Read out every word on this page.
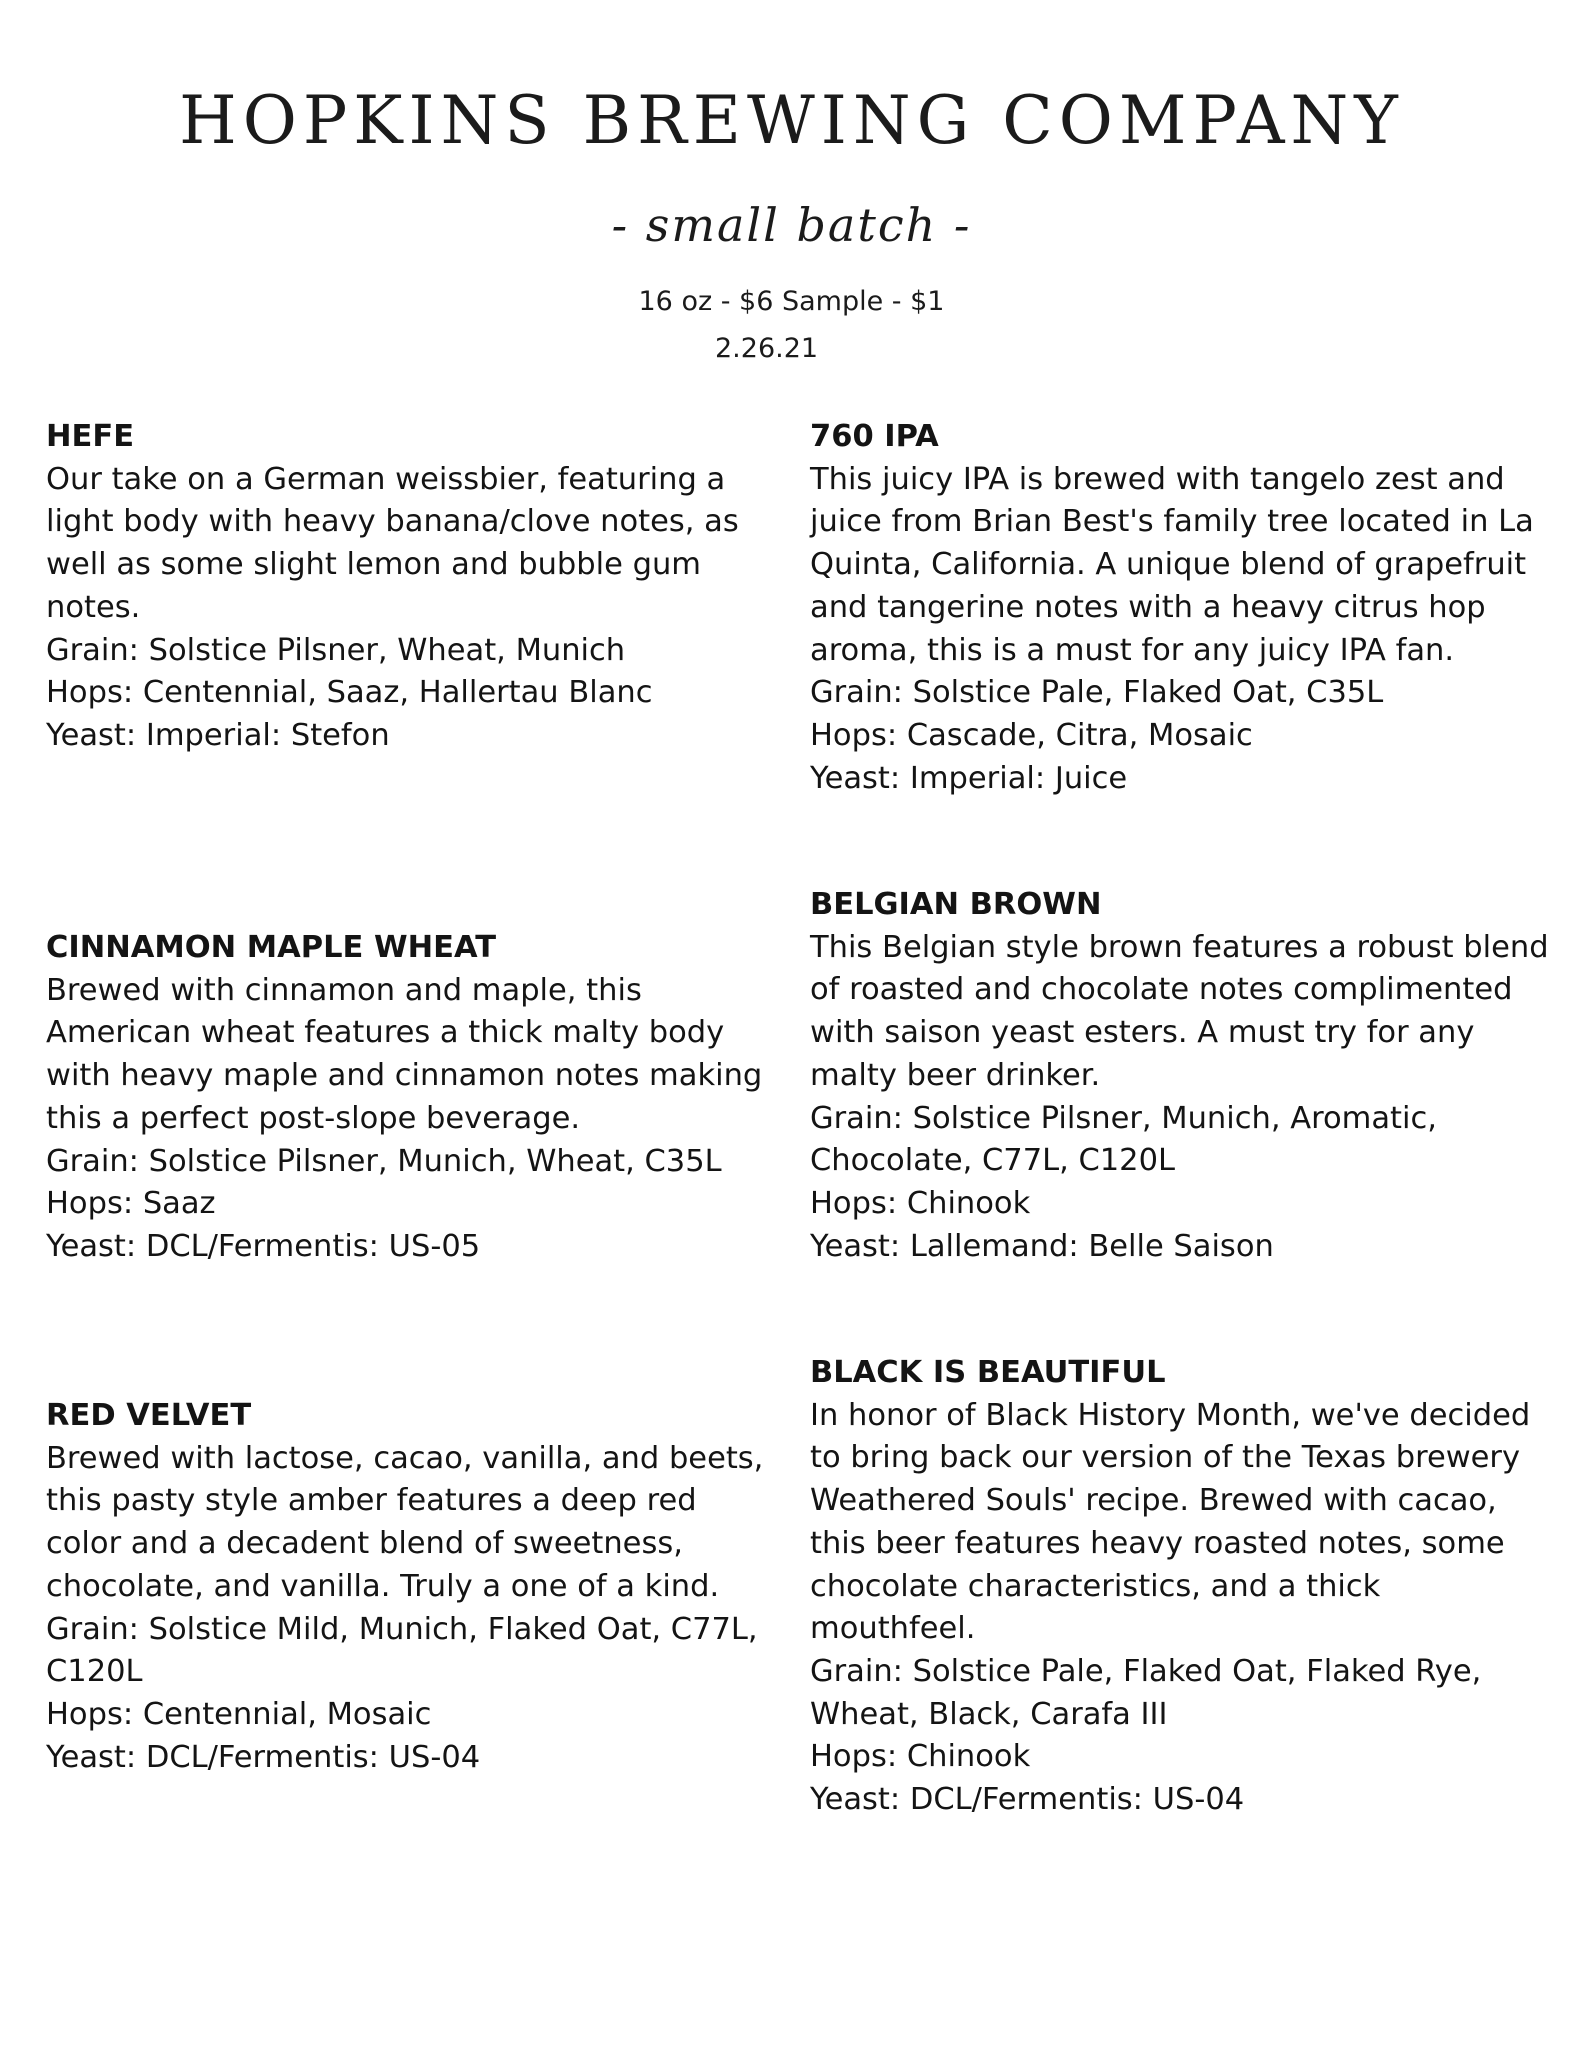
HOPKINS BREWING COMPANY
- small batch -
16 oz - $6 Sample - $1
2.26.21

HEFE

Our take on a German weissbier, featuring a light body with heavy banana/clove notes, as well as some slight lemon and bubble gum notes.

Grain: Solstice Pilsner, Wheat, Munich

Hops: Centennial, Saaz, Hallertau Blanc

Yeast: Imperial: Stefon

760 IPA

This juicy IPA is brewed with tangelo zest and juice from Brian Best's family tree located in La Quinta, California. A unique blend of grapefruit and tangerine notes with a heavy citrus hop aroma, this is a must for any juicy IPA fan.

Grain: Solstice Pale, Flaked Oat, C35L

Hops: Cascade, Citra, Mosaic

Yeast: Imperial: Juice

CINNAMON MAPLE WHEAT

Brewed with cinnamon and maple, this American wheat features a thick malty body with heavy maple and cinnamon notes making this a perfect post-slope beverage.

Grain: Solstice Pilsner, Munich, Wheat, C35L

Hops: Saaz

Yeast: DCL/Fermentis: US-05

BELGIAN BROWN

This Belgian style brown features a robust blend of roasted and chocolate notes complimented with saison yeast esters. A must try for any malty beer drinker.

Grain: Solstice Pilsner, Munich, Aromatic, Chocolate, C77L, C120L

Hops: Chinook

Yeast: Lallemand: Belle Saison

RED VELVET

Brewed with lactose, cacao, vanilla, and beets, this pasty style amber features a deep red color and a decadent blend of sweetness, chocolate, and vanilla. Truly a one of a kind.

Grain: Solstice Mild, Munich, Flaked Oat, C77L, C120L

Hops: Centennial, Mosaic

Yeast: DCL/Fermentis: US-04

BLACK IS BEAUTIFUL

In honor of Black History Month, we've decided to bring back our version of the Texas brewery Weathered Souls' recipe. Brewed with cacao, this beer features heavy roasted notes, some chocolate characteristics, and a thick mouthfeel.

Grain: Solstice Pale, Flaked Oat, Flaked Rye, Wheat, Black, Carafa III

Hops: Chinook

Yeast: DCL/Fermentis: US-04
